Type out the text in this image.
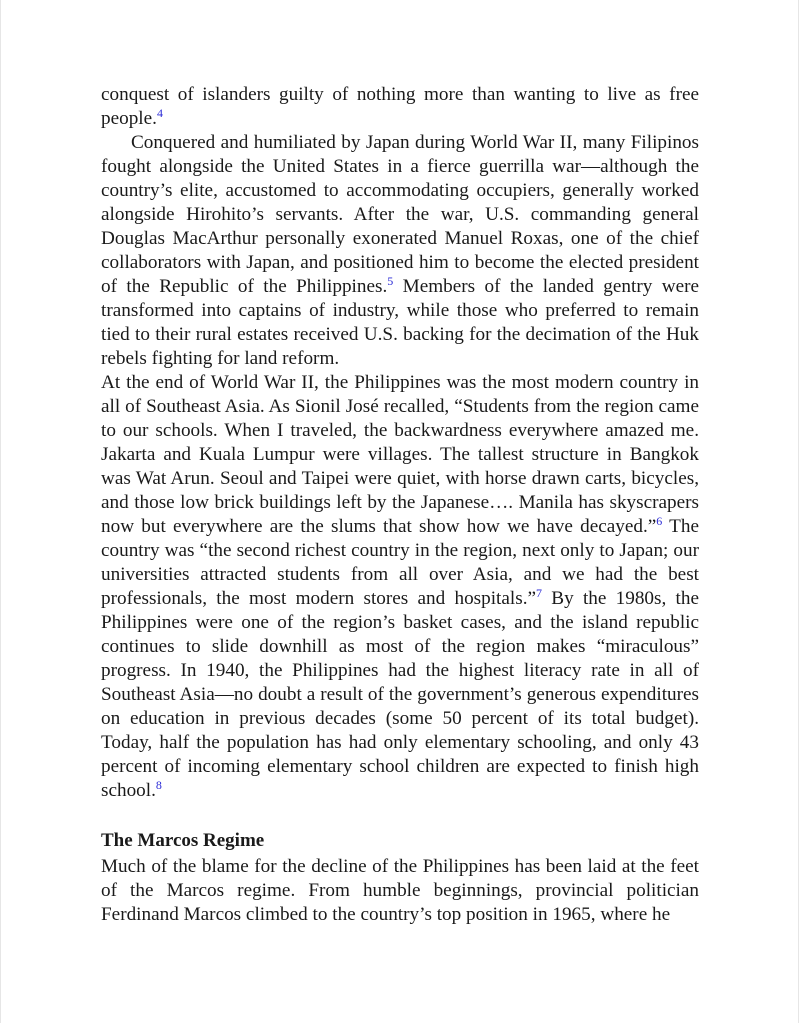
conquest of islanders guilty of nothing more than wanting to live as free people.$^4$

Conquered and humiliated by Japan during World War II, many Filipinos fought alongside the United States in a fierce guerrilla war—although the country’s elite, accustomed to accommodating occupiers, generally worked alongside Hirohito’s servants. After the war, U.S. commanding general Douglas MacArthur personally exonerated Manuel Roxas, one of the chief collaborators with Japan, and positioned him to become the elected president of the Republic of the Philippines.$^5$ Members of the landed gentry were transformed into captains of industry, while those who preferred to remain tied to their rural estates received U.S. backing for the decimation of the Huk rebels fighting for land reform.

At the end of World War II, the Philippines was the most modern country in all of Southeast Asia. As Sionil José recalled, “Students from the region came to our schools. When I traveled, the backwardness everywhere amazed me. Jakarta and Kuala Lumpur were villages. The tallest structure in Bangkok was Wat Arun. Seoul and Taipei were quiet, with horse drawn carts, bicycles, and those low brick buildings left by the Japanese…. Manila has skyscrapers now but everywhere are the slums that show how we have decayed.”$^6$ The country was “the second richest country in the region, next only to Japan; our universities attracted students from all over Asia, and we had the best professionals, the most modern stores and hospitals.”$^7$ By the 1980s, the Philippines were one of the region’s basket cases, and the island republic continues to slide downhill as most of the region makes “miraculous” progress. In 1940, the Philippines had the highest literacy rate in all of Southeast Asia—no doubt a result of the government’s generous expenditures on education in previous decades (some 50 percent of its total budget). Today, half the population has had only elementary schooling, and only 43 percent of incoming elementary school children are expected to finish high school.$^8$

The Marcos Regime

Much of the blame for the decline of the Philippines has been laid at the feet of the Marcos regime. From humble beginnings, provincial politician Ferdinand Marcos climbed to the country’s top position in 1965, where he
